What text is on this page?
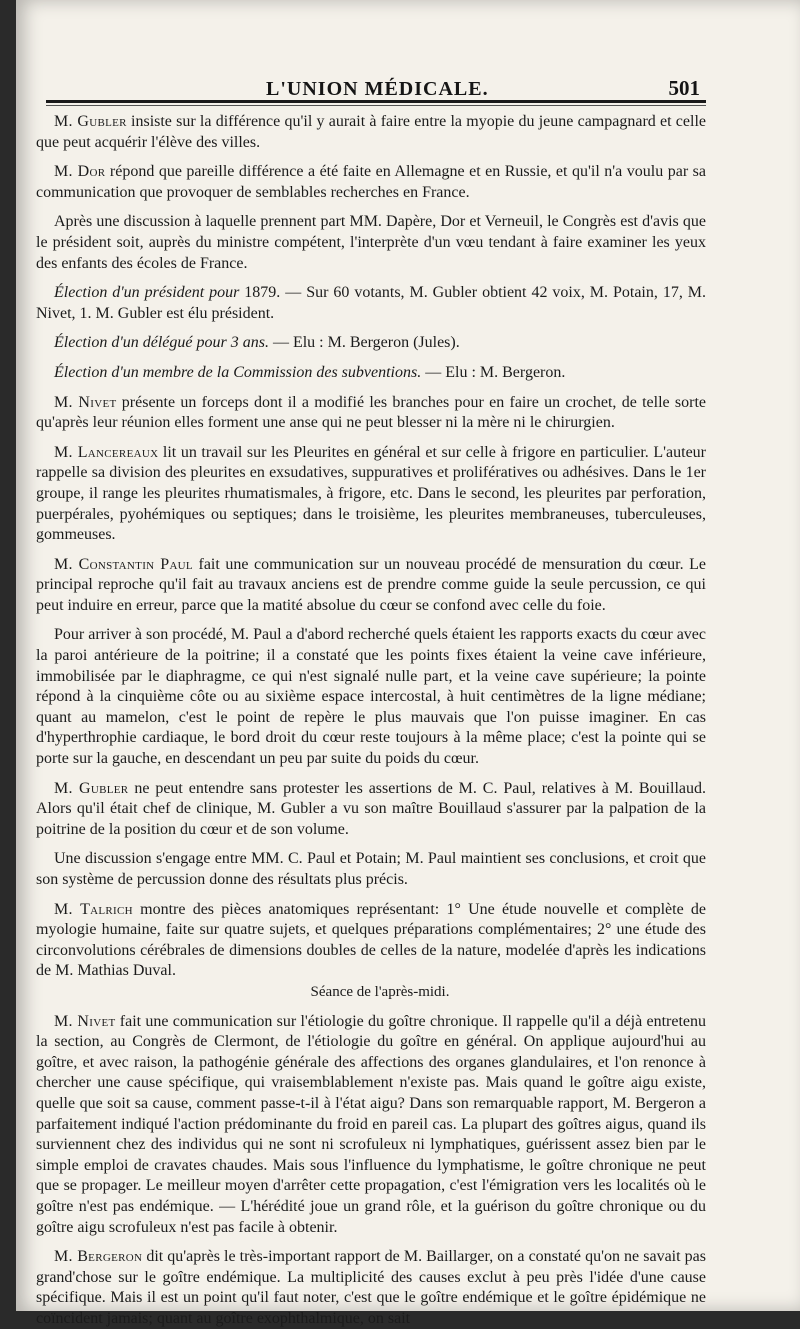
L'UNION MÉDICALE.	501

M. Gubler insiste sur la différence qu'il y aurait à faire entre la myopie du jeune campagnard et celle que peut acquérir l'élève des villes.

M. Dor répond que pareille différence a été faite en Allemagne et en Russie, et qu'il n'a voulu par sa communication que provoquer de semblables recherches en France.

Après une discussion à laquelle prennent part MM. Dapère, Dor et Verneuil, le Congrès est d'avis que le président soit, auprès du ministre compétent, l'interprète d'un vœu tendant à faire examiner les yeux des enfants des écoles de France.

Élection d'un président pour 1879. — Sur 60 votants, M. Gubler obtient 42 voix, M. Potain, 17, M. Nivet, 1. M. Gubler est élu président.

Élection d'un délégué pour 3 ans. — Elu : M. Bergeron (Jules).

Élection d'un membre de la Commission des subventions. — Elu : M. Bergeron.

M. Nivet présente un forceps dont il a modifié les branches pour en faire un crochet, de telle sorte qu'après leur réunion elles forment une anse qui ne peut blesser ni la mère ni le chirurgien.

M. Lancereaux lit un travail sur les Pleurites en général et sur celle à frigore en particulier. L'auteur rappelle sa division des pleurites en exsudatives, suppuratives et prolifératives ou adhésives. Dans le 1er groupe, il range les pleurites rhumatismales, à frigore, etc. Dans le second, les pleurites par perforation, puerpérales, pyohémiques ou septiques; dans le troisième, les pleurites membraneuses, tuberculeuses, gommeuses.

M. Constantin Paul fait une communication sur un nouveau procédé de mensuration du cœur. Le principal reproche qu'il fait au travaux anciens est de prendre comme guide la seule percussion, ce qui peut induire en erreur, parce que la matité absolue du cœur se confond avec celle du foie.

Pour arriver à son procédé, M. Paul a d'abord recherché quels étaient les rapports exacts du cœur avec la paroi antérieure de la poitrine; il a constaté que les points fixes étaient la veine cave inférieure, immobilisée par le diaphragme, ce qui n'est signalé nulle part, et la veine cave supérieure; la pointe répond à la cinquième côte ou au sixième espace intercostal, à huit centimètres de la ligne médiane; quant au mamelon, c'est le point de repère le plus mauvais que l'on puisse imaginer. En cas d'hyperthrophie cardiaque, le bord droit du cœur reste toujours à la même place; c'est la pointe qui se porte sur la gauche, en descendant un peu par suite du poids du cœur.

M. Gubler ne peut entendre sans protester les assertions de M. C. Paul, relatives à M. Bouillaud. Alors qu'il était chef de clinique, M. Gubler a vu son maître Bouillaud s'assurer par la palpation de la poitrine de la position du cœur et de son volume.

Une discussion s'engage entre MM. C. Paul et Potain; M. Paul maintient ses conclusions, et croit que son système de percussion donne des résultats plus précis.

M. Talrich montre des pièces anatomiques représentant: 1° Une étude nouvelle et complète de myologie humaine, faite sur quatre sujets, et quelques préparations complémentaires; 2° une étude des circonvolutions cérébrales de dimensions doubles de celles de la nature, modelée d'après les indications de M. Mathias Duval.

Séance de l'après-midi.

M. Nivet fait une communication sur l'étiologie du goître chronique. Il rappelle qu'il a déjà entretenu la section, au Congrès de Clermont, de l'étiologie du goître en général. On applique aujourd'hui au goître, et avec raison, la pathogénie générale des affections des organes glandulaires, et l'on renonce à chercher une cause spécifique, qui vraisemblablement n'existe pas. Mais quand le goître aigu existe, quelle que soit sa cause, comment passe-t-il à l'état aigu? Dans son remarquable rapport, M. Bergeron a parfaitement indiqué l'action prédominante du froid en pareil cas. La plupart des goîtres aigus, quand ils surviennent chez des individus qui ne sont ni scrofuleux ni lymphatiques, guérissent assez bien par le simple emploi de cravates chaudes. Mais sous l'influence du lymphatisme, le goître chronique ne peut que se propager. Le meilleur moyen d'arrêter cette propagation, c'est l'émigration vers les localités où le goître n'est pas endémique. — L'hérédité joue un grand rôle, et la guérison du goître chronique ou du goître aigu scrofuleux n'est pas facile à obtenir.

M. Bergeron dit qu'après le très-important rapport de M. Baillarger, on a constaté qu'on ne savait pas grand'chose sur le goître endémique. La multiplicité des causes exclut à peu près l'idée d'une cause spécifique. Mais il est un point qu'il faut noter, c'est que le goître endémique et le goître épidémique ne coïncident jamais; quant au goître exophthalmique, on sait
